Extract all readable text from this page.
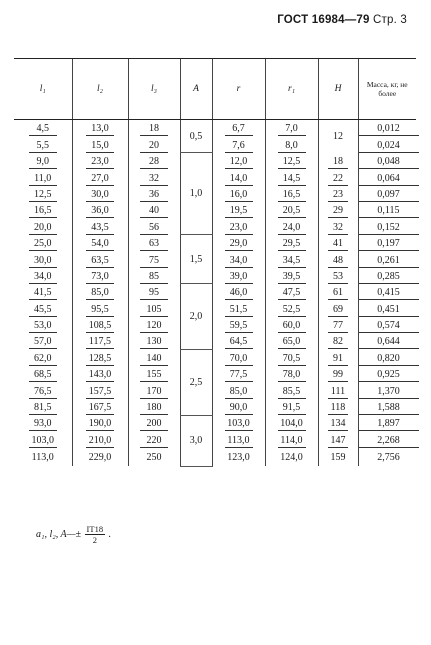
ГОСТ 16984—79 Стр. 3
l₁	l₂	l₃	A	r	r₁	H	Масса, кг, не более
4,5	13,0	18	0,5	6,7	7,0	12	0,012
5,5	15,0	20		7,6	8,0		0,024
9,0	23,0	28	1,0	12,0	12,5	18	0,048
11,0	27,0	32		14,0	14,5	22	0,064
12,5	30,0	36		16,0	16,5	23	0,097
16,5	36,0	40		19,5	20,5	29	0,115
20,0	43,5	56		23,0	24,0	32	0,152
25,0	54,0	63	1,5	29,0	29,5	41	0,197
30,0	63,5	75		34,0	34,5	48	0,261
34,0	73,0	85		39,0	39,5	53	0,285
41,5	85,0	95	2,0	46,0	47,5	61	0,415
45,5	95,5	105		51,5	52,5	69	0,451
53,0	108,5	120		59,5	60,0	77	0,574
57,0	117,5	130		64,5	65,0	82	0,644
62,0	128,5	140	2,5	70,0	70,5	91	0,820
68,5	143,0	155		77,5	78,0	99	0,925
76,5	157,5	170		85,0	85,5	111	1,370
81,5	167,5	180		90,0	91,5	118	1,588
93,0	190,0	200	3,0	103,0	104,0	134	1,897
103,0	210,0	220		113,0	114,0	147	2,268
113,0	229,0	250		123,0	124,0	159	2,756
a₁, l₂, A—± $\frac{IT18}{2}$ .
